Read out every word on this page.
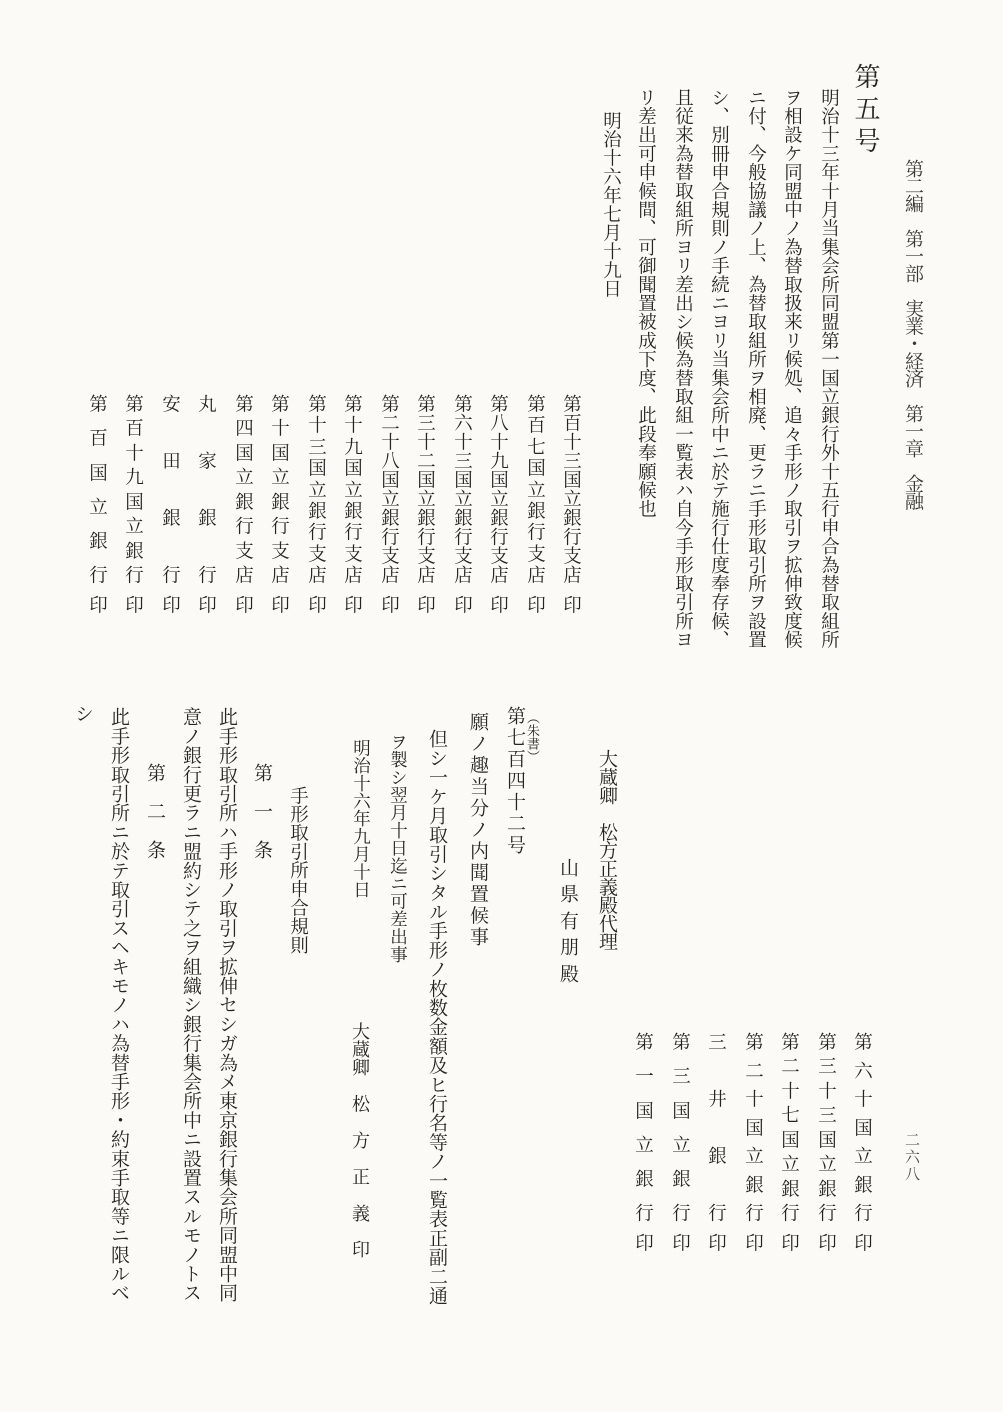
第二編　第一部　実業・経済　第一章　金融
第五号
二六八
明治十三年十月当集会所同盟第一国立銀行外十五行申合為替取組所
ヲ相設ケ同盟中ノ為替取扱来リ候処、追々手形ノ取引ヲ拡伸致度候
ニ付、今般協議ノ上、為替取組所ヲ相廃、更ラニ手形取引所ヲ設置
シ、別冊申合規則ノ手続ニヨリ当集会所中ニ於テ施行仕度奉存候、
且従来為替取組所ヨリ差出シ候為替取組一覧表ハ自今手形取引所ヨ
リ差出可申候間、可御聞置被成下度、此段奉願候也
明治十六年七月十九日
第
百
十
三
国
立
銀
行
支
店
印
第
百
七
国
立
銀
行
支
店
印
第
八
十
九
国
立
銀
行
支
店
印
第
六
十
三
国
立
銀
行
支
店
印
第
三
十
二
国
立
銀
行
支
店
印
第
二
十
八
国
立
銀
行
支
店
印
第
十
九
国
立
銀
行
支
店
印
第
十
三
国
立
銀
行
支
店
印
第
十
国
立
銀
行
支
店
印
第
四
国
立
銀
行
支
店
印
丸
家
銀
行
印
安
田
銀
行
印
第
百
十
九
国
立
銀
行
印
第
百
国
立
銀
行
印
大蔵卿　松方正義殿代理
山
県
有
朋
殿
（朱書）
第七百四十二号
願ノ趣当分ノ内聞置候事
但シ一ケ月取引シタル手形ノ枚数金額及ヒ行名等ノ一覧表正副二通
ヲ製シ翌月十日迄ニ可差出事
明治十六年九月十日
大蔵卿　松　方　正　義　印	第
六
十
国
立
銀
行
印
第
三
十
三
国
立
銀
行
印
第
二
十
七
国
立
銀
行
印
第
二
十
国
立
銀
行
印
三
井
銀
行
印
第
三
国
立
銀
行
印
第
一
国
立
銀
行
印
手形取引所申合規則
第　一　条
此手形取引所ハ手形ノ取引ヲ拡伸セシガ為メ東京銀行集会所同盟中同
意ノ銀行更ラニ盟約シテ之ヲ組織シ銀行集会所中ニ設置スルモノトス
第　二　条
此手形取引所ニ於テ取引スヘキモノハ為替手形・約束手取等ニ限ルベ
シ
